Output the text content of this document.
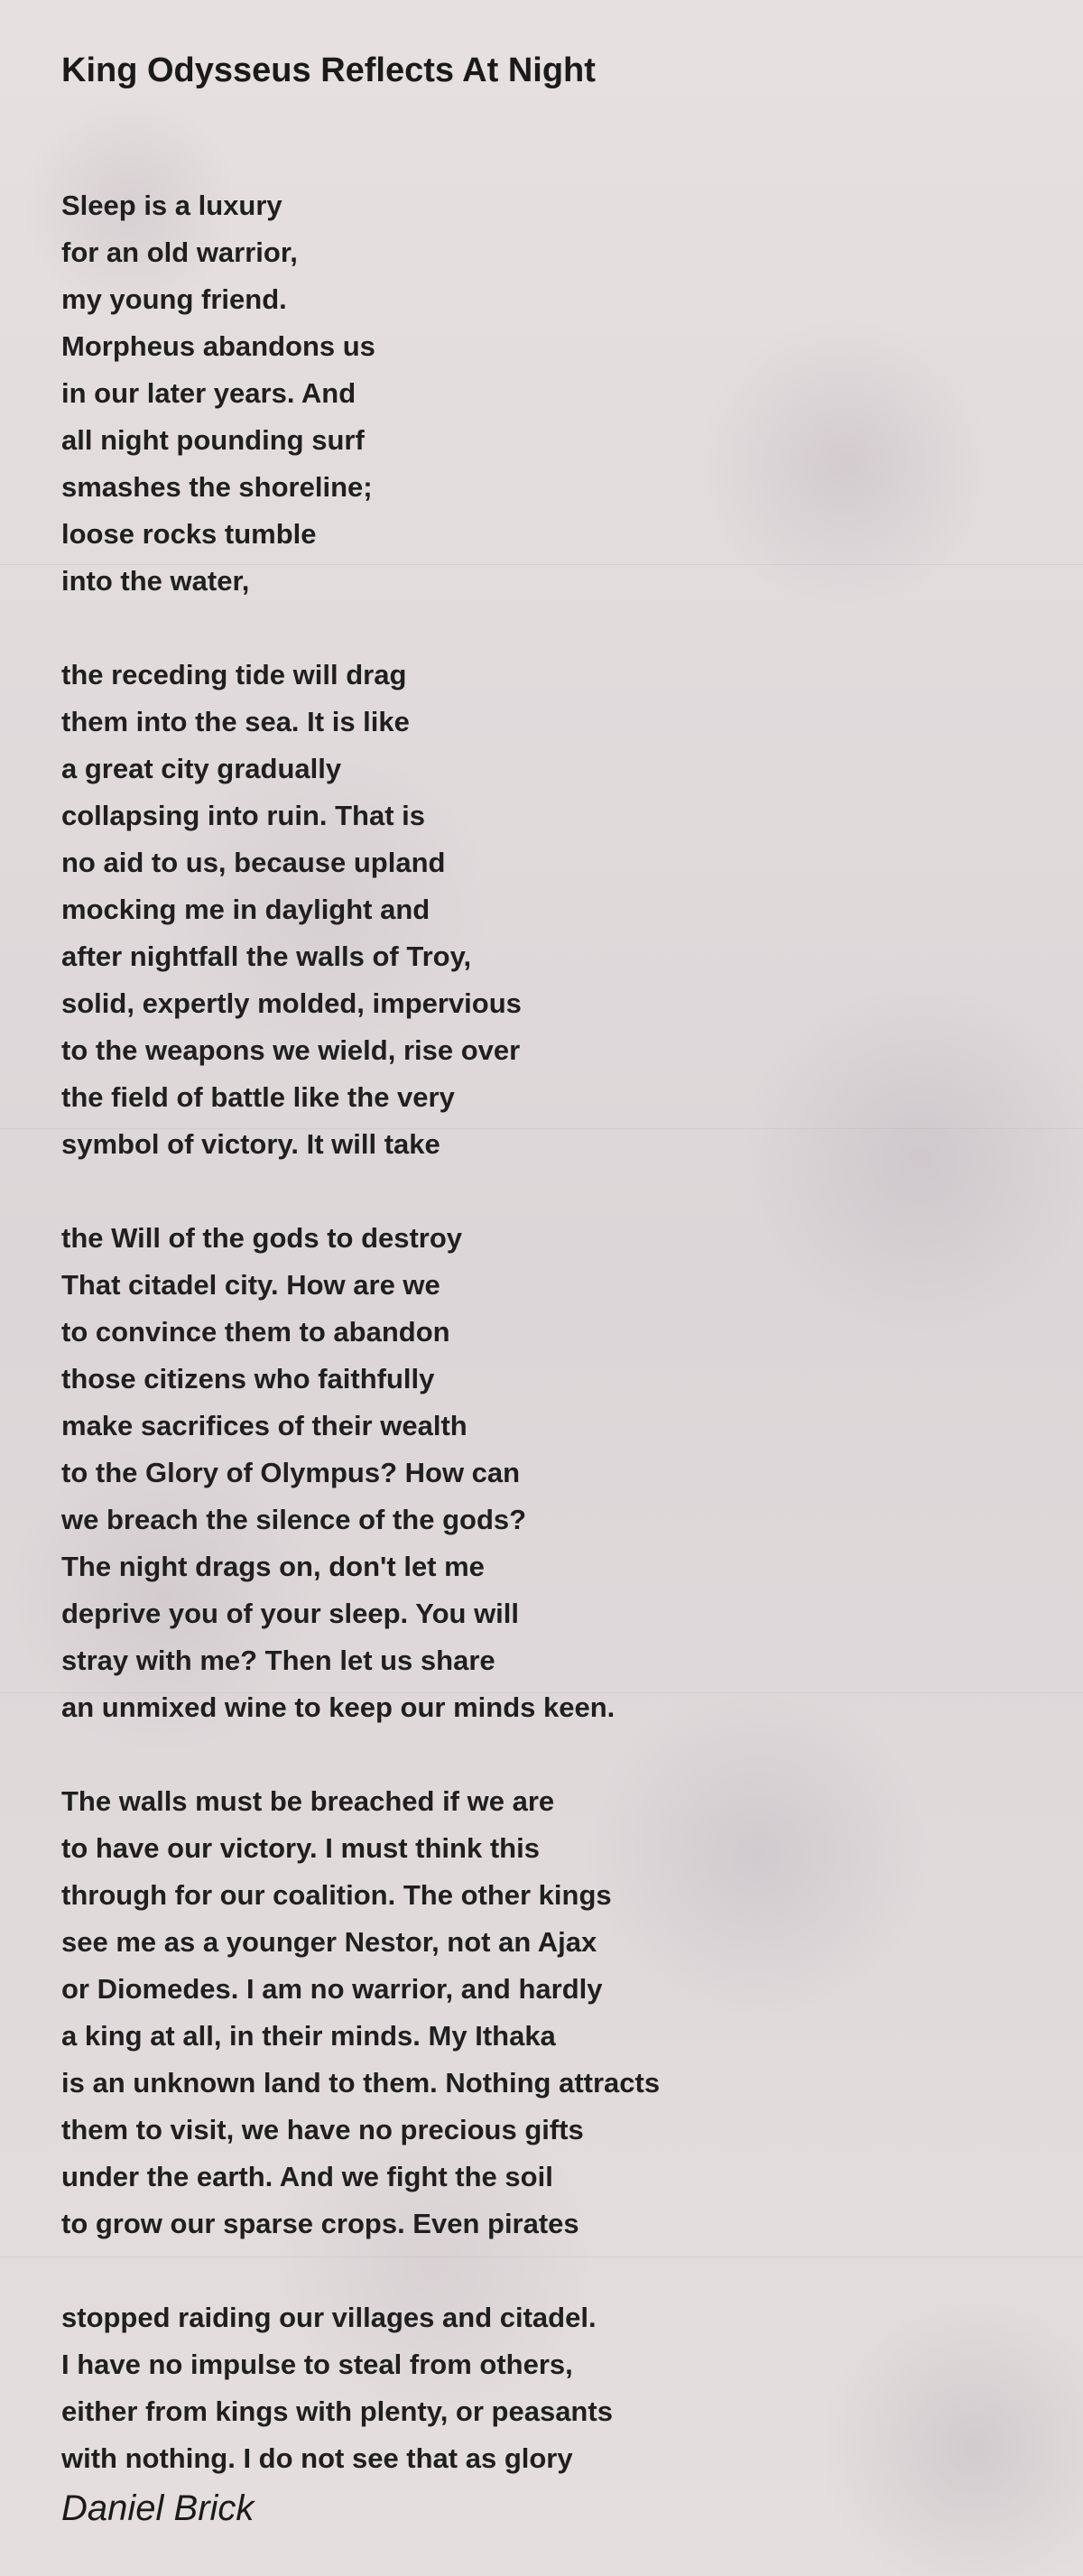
King Odysseus Reflects At Night
Sleep is a luxury
for an old warrior,
my young friend.
Morpheus abandons us
in our later years. And
all night pounding surf
smashes the shoreline;
loose rocks tumble
into the water,
the receding tide will drag
them into the sea. It is like
a great city gradually
collapsing into ruin. That is
no aid to us, because upland
mocking me in daylight and
after nightfall the walls of Troy,
solid, expertly molded, impervious
to the weapons we wield, rise over
the field of battle like the very
symbol of victory. It will take
the Will of the gods to destroy
That citadel city. How are we
to convince them to abandon
those citizens who faithfully
make sacrifices of their wealth
to the Glory of Olympus? How can
we breach the silence of the gods?
The night drags on, don't let me
deprive you of your sleep. You will
stray with me? Then let us share
an unmixed wine to keep our minds keen.
The walls must be breached if we are
to have our victory. I must think this
through for our coalition. The other kings
see me as a younger Nestor, not an Ajax
or Diomedes. I am no warrior, and hardly
a king at all, in their minds. My Ithaka
is an unknown land to them. Nothing attracts
them to visit, we have no precious gifts
under the earth. And we fight the soil
to grow our sparse crops. Even pirates
stopped raiding our villages and citadel.
I have no impulse to steal from others,
either from kings with plenty, or peasants
with nothing. I do not see that as glory
Daniel Brick
